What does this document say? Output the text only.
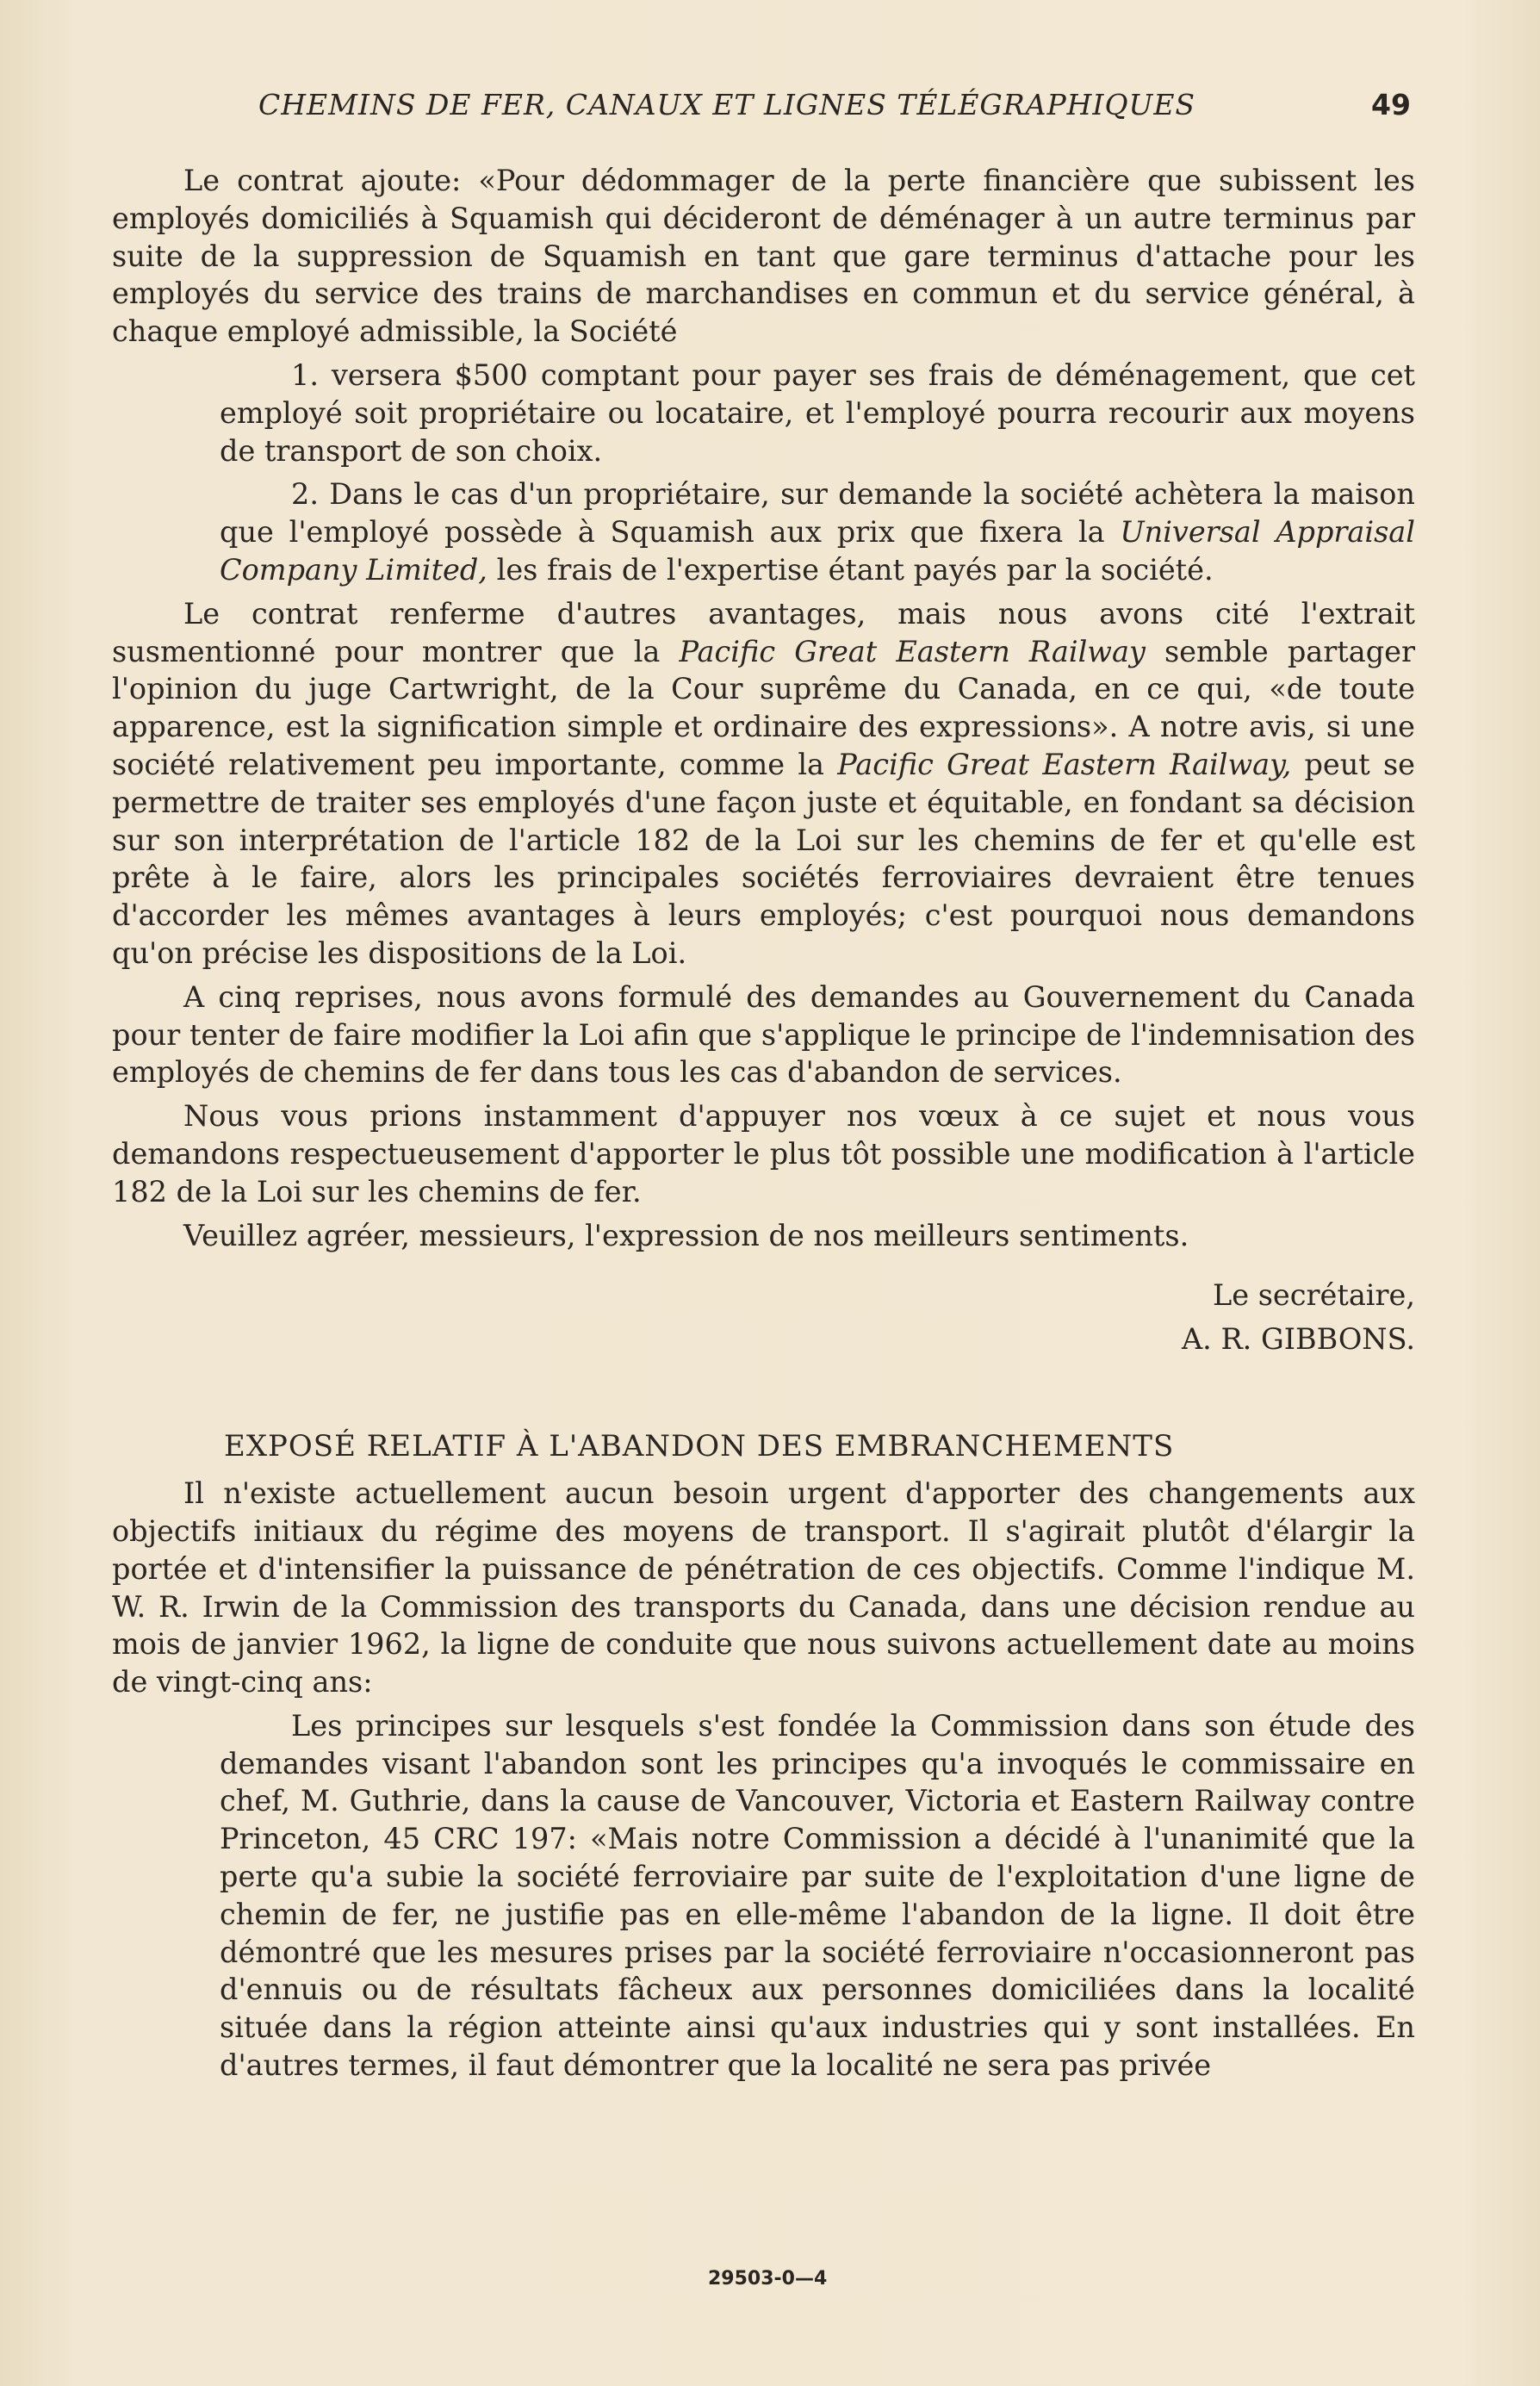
CHEMINS DE FER, CANAUX ET LIGNES TÉLÉGRAPHIQUES	49

Le contrat ajoute: «Pour dédommager de la perte financière que subissent les employés domiciliés à Squamish qui décideront de déménager à un autre terminus par suite de la suppression de Squamish en tant que gare terminus d'attache pour les employés du service des trains de marchandises en commun et du service général, à chaque employé admissible, la Société

1. versera $500 comptant pour payer ses frais de déménagement, que cet employé soit propriétaire ou locataire, et l'employé pourra recourir aux moyens de transport de son choix.

2. Dans le cas d'un propriétaire, sur demande la société achètera la maison que l'employé possède à Squamish aux prix que fixera la Universal Appraisal Company Limited, les frais de l'expertise étant payés par la société.

Le contrat renferme d'autres avantages, mais nous avons cité l'extrait susmentionné pour montrer que la Pacific Great Eastern Railway semble partager l'opinion du juge Cartwright, de la Cour suprême du Canada, en ce qui, «de toute apparence, est la signification simple et ordinaire des expressions». A notre avis, si une société relativement peu importante, comme la Pacific Great Eastern Railway, peut se permettre de traiter ses employés d'une façon juste et équitable, en fondant sa décision sur son interprétation de l'article 182 de la Loi sur les chemins de fer et qu'elle est prête à le faire, alors les principales sociétés ferroviaires devraient être tenues d'accorder les mêmes avantages à leurs employés; c'est pourquoi nous demandons qu'on précise les dispositions de la Loi.

A cinq reprises, nous avons formulé des demandes au Gouvernement du Canada pour tenter de faire modifier la Loi afin que s'applique le principe de l'indemnisation des employés de chemins de fer dans tous les cas d'abandon de services.

Nous vous prions instamment d'appuyer nos vœux à ce sujet et nous vous demandons respectueusement d'apporter le plus tôt possible une modification à l'article 182 de la Loi sur les chemins de fer.

Veuillez agréer, messieurs, l'expression de nos meilleurs sentiments.

Le secrétaire,

A. R. GIBBONS.

EXPOSÉ RELATIF À L'ABANDON DES EMBRANCHEMENTS

Il n'existe actuellement aucun besoin urgent d'apporter des changements aux objectifs initiaux du régime des moyens de transport. Il s'agirait plutôt d'élargir la portée et d'intensifier la puissance de pénétration de ces objectifs. Comme l'indique M. W. R. Irwin de la Commission des transports du Canada, dans une décision rendue au mois de janvier 1962, la ligne de conduite que nous suivons actuellement date au moins de vingt-cinq ans:

Les principes sur lesquels s'est fondée la Commission dans son étude des demandes visant l'abandon sont les principes qu'a invoqués le commissaire en chef, M. Guthrie, dans la cause de Vancouver, Victoria et Eastern Railway contre Princeton, 45 CRC 197: «Mais notre Commission a décidé à l'unanimité que la perte qu'a subie la société ferroviaire par suite de l'exploitation d'une ligne de chemin de fer, ne justifie pas en elle-même l'abandon de la ligne. Il doit être démontré que les mesures prises par la société ferroviaire n'occasionneront pas d'ennuis ou de résultats fâcheux aux personnes domiciliées dans la localité située dans la région atteinte ainsi qu'aux industries qui y sont installées. En d'autres termes, il faut démontrer que la localité ne sera pas privée

29503-0—4
